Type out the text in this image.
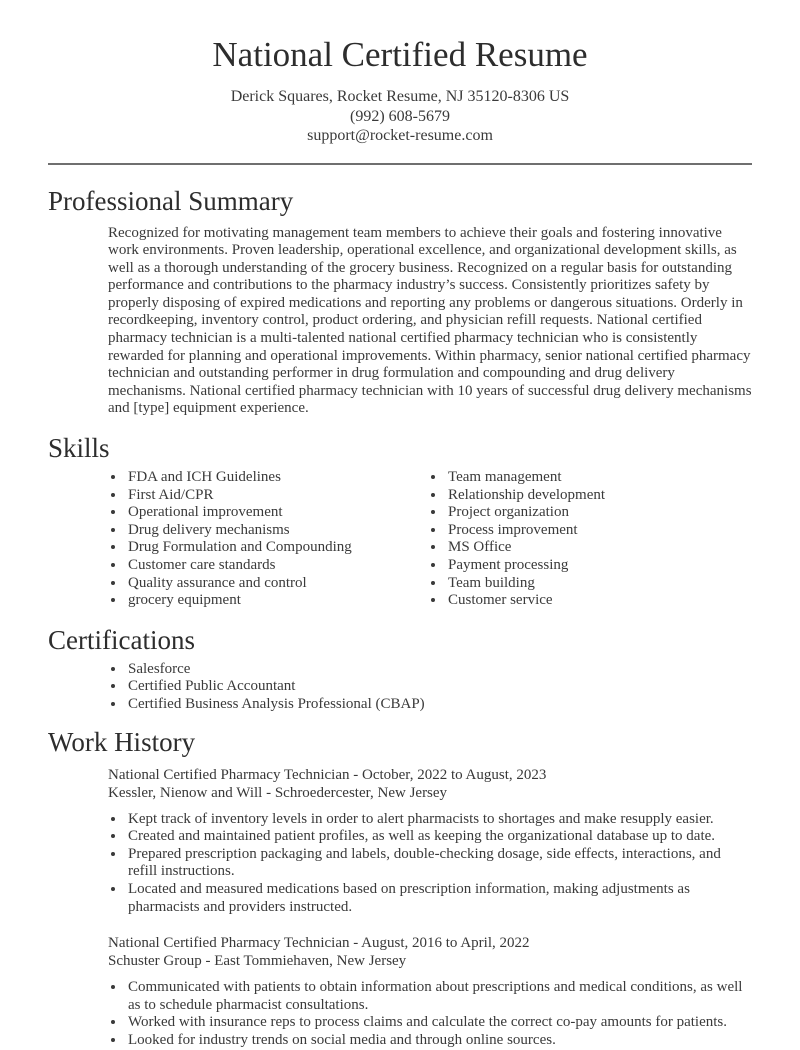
National Certified Resume
Derick Squares, Rocket Resume, NJ 35120-8306 US
(992) 608-5679
support@rocket-resume.com
Professional Summary

Recognized for motivating management team members to achieve their goals and fostering innovative work environments. Proven leadership, operational excellence, and organizational development skills, as well as a thorough understanding of the grocery business. Recognized on a regular basis for outstanding performance and contributions to the pharmacy industry’s success. Consistently prioritizes safety by properly disposing of expired medications and reporting any problems or dangerous situations. Orderly in recordkeeping, inventory control, product ordering, and physician refill requests. National certified pharmacy technician is a multi-talented national certified pharmacy technician who is consistently rewarded for planning and operational improvements. Within pharmacy, senior national certified pharmacy technician and outstanding performer in drug formulation and compounding and drug delivery mechanisms. National certified pharmacy technician with 10 years of successful drug delivery mechanisms and [type] equipment experience.

Skills
• FDA and ICH Guidelines
• First Aid/CPR
• Operational improvement
• Drug delivery mechanisms
• Drug Formulation and Compounding
• Customer care standards
• Quality assurance and control
• grocery equipment
• Team management
• Relationship development
• Project organization
• Process improvement
• MS Office
• Payment processing
• Team building
• Customer service
Certifications
• Salesforce
• Certified Public Accountant
• Certified Business Analysis Professional (CBAP)
Work History
National Certified Pharmacy Technician - October, 2022 to August, 2023
Kessler, Nienow and Will - Schroedercester, New Jersey
• Kept track of inventory levels in order to alert pharmacists to shortages and make resupply easier.
• Created and maintained patient profiles, as well as keeping the organizational database up to date.
• Prepared prescription packaging and labels, double-checking dosage, side effects, interactions, and refill instructions.
• Located and measured medications based on prescription information, making adjustments as pharmacists and providers instructed.
National Certified Pharmacy Technician - August, 2016 to April, 2022
Schuster Group - East Tommiehaven, New Jersey
• Communicated with patients to obtain information about prescriptions and medical conditions, as well as to schedule pharmacist consultations.
• Worked with insurance reps to process claims and calculate the correct co-pay amounts for patients.
• Looked for industry trends on social media and through online sources.
